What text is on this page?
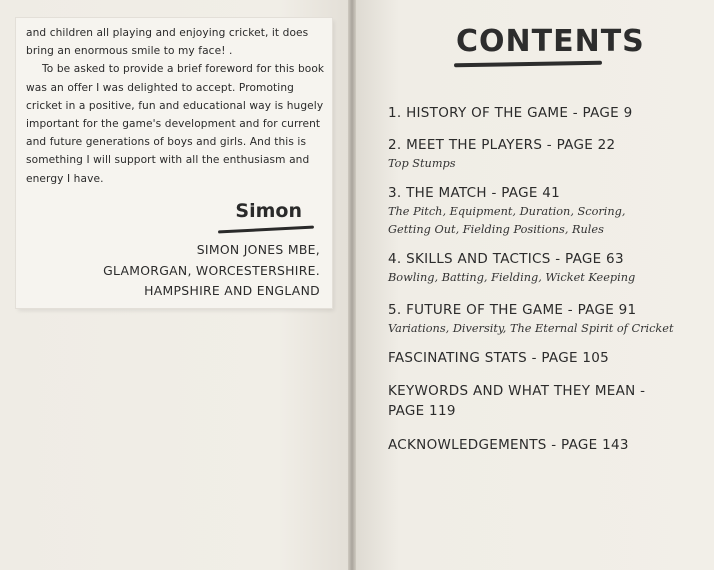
and children all playing and enjoying cricket, it does bring an enormous smile to my face! .

To be asked to provide a brief foreword for this book was an offer I was delighted to accept. Promoting cricket in a positive, fun and educational way is hugely important for the game's development and for current and future generations of boys and girls. And this is something I will support with all the enthusiasm and energy I have.

Simon
SIMON JONES MBE,
GLAMORGAN, WORCESTERSHIRE.
HAMPSHIRE AND ENGLAND
CONTENTS
1. HISTORY OF THE GAME - PAGE 9
2. MEET THE PLAYERS - PAGE 22
Top Stumps
3. THE MATCH - PAGE 41
The Pitch, Equipment, Duration, Scoring,
Getting Out, Fielding Positions, Rules
4. SKILLS AND TACTICS - PAGE 63
Bowling, Batting, Fielding, Wicket Keeping
5. FUTURE OF THE GAME - PAGE 91
Variations, Diversity, The Eternal Spirit of Cricket
FASCINATING STATS - PAGE 105
KEYWORDS AND WHAT THEY MEAN -
PAGE 119
ACKNOWLEDGEMENTS - PAGE 143
